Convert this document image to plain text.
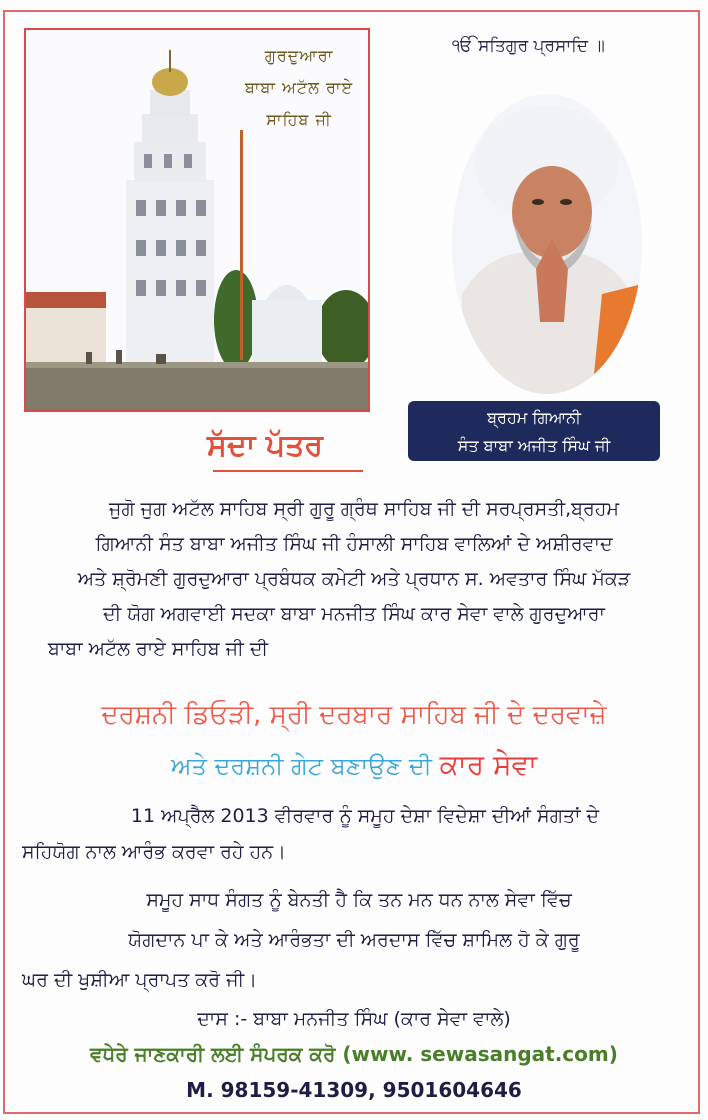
ਗੁਰਦੁਆਰਾ
ਬਾਬਾ ਅਟੱਲ ਰਾਏ
ਸਾਹਿਬ ਜੀ
ੴ ਸਤਿਗੁਰ ਪ੍ਰਸਾਦਿ ॥
ਬ੍ਰਹਮ ਗਿਆਨੀ
ਸੰਤ ਬਾਬਾ ਅਜੀਤ ਸਿੰਘ ਜੀ
ਸੱਦਾ ਪੱਤਰ
ਜੁਗੋ ਜੁਗ ਅਟੱਲ ਸਾਹਿਬ ਸ੍ਰੀ ਗੁਰੂ ਗ੍ਰੰਥ ਸਾਹਿਬ ਜੀ ਦੀ ਸਰਪ੍ਰਸਤੀ,ਬ੍ਰਹਮ
ਗਿਆਨੀ ਸੰਤ ਬਾਬਾ ਅਜੀਤ ਸਿੰਘ ਜੀ ਹੰਸਾਲੀ ਸਾਹਿਬ ਵਾਲਿਆਂ ਦੇ ਅਸ਼ੀਰਵਾਦ
ਅਤੇ ਸ਼੍ਰੋਮਣੀ ਗੁਰਦੁਆਰਾ ਪ੍ਰਬੰਧਕ ਕਮੇਟੀ ਅਤੇ ਪ੍ਰਧਾਨ ਸ. ਅਵਤਾਰ ਸਿੰਘ ਮੱਕੜ
ਦੀ ਯੋਗ ਅਗਵਾਈ ਸਦਕਾ ਬਾਬਾ ਮਨਜੀਤ ਸਿੰਘ ਕਾਰ ਸੇਵਾ ਵਾਲੇ ਗੁਰਦੁਆਰਾ
ਬਾਬਾ ਅਟੱਲ ਰਾਏ ਸਾਹਿਬ ਜੀ ਦੀ
ਦਰਸ਼ਨੀ ਡਿਓੜੀ, ਸ੍ਰੀ ਦਰਬਾਰ ਸਾਹਿਬ ਜੀ ਦੇ ਦਰਵਾਜ਼ੇ
ਅਤੇ ਦਰਸ਼ਨੀ ਗੇਟ ਬਣਾਉਣ ਦੀ ਕਾਰ ਸੇਵਾ
11 ਅਪ੍ਰੈਲ 2013 ਵੀਰਵਾਰ ਨੂੰ ਸਮੂਹ ਦੇਸ਼ਾ ਵਿਦੇਸ਼ਾ ਦੀਆਂ ਸੰਗਤਾਂ ਦੇ
ਸਹਿਯੋਗ ਨਾਲ ਆਰੰਭ ਕਰਵਾ ਰਹੇ ਹਨ।
ਸਮੂਹ ਸਾਧ ਸੰਗਤ ਨੂੰ ਬੇਨਤੀ ਹੈ ਕਿ ਤਨ ਮਨ ਧਨ ਨਾਲ ਸੇਵਾ ਵਿੱਚ
ਯੋਗਦਾਨ ਪਾ ਕੇ ਅਤੇ ਆਰੰਭਤਾ ਦੀ ਅਰਦਾਸ ਵਿੱਚ ਸ਼ਾਮਿਲ ਹੋ ਕੇ ਗੁਰੂ
ਘਰ ਦੀ ਖੁਸ਼ੀਆ ਪ੍ਰਾਪਤ ਕਰੋ ਜੀ।
ਦਾਸ :- ਬਾਬਾ ਮਨਜੀਤ ਸਿੰਘ (ਕਾਰ ਸੇਵਾ ਵਾਲੇ)
ਵਧੇਰੇ ਜਾਣਕਾਰੀ ਲਈ ਸੰਪਰਕ ਕਰੋ (www. sewasangat.com)
M. 98159-41309, 9501604646
